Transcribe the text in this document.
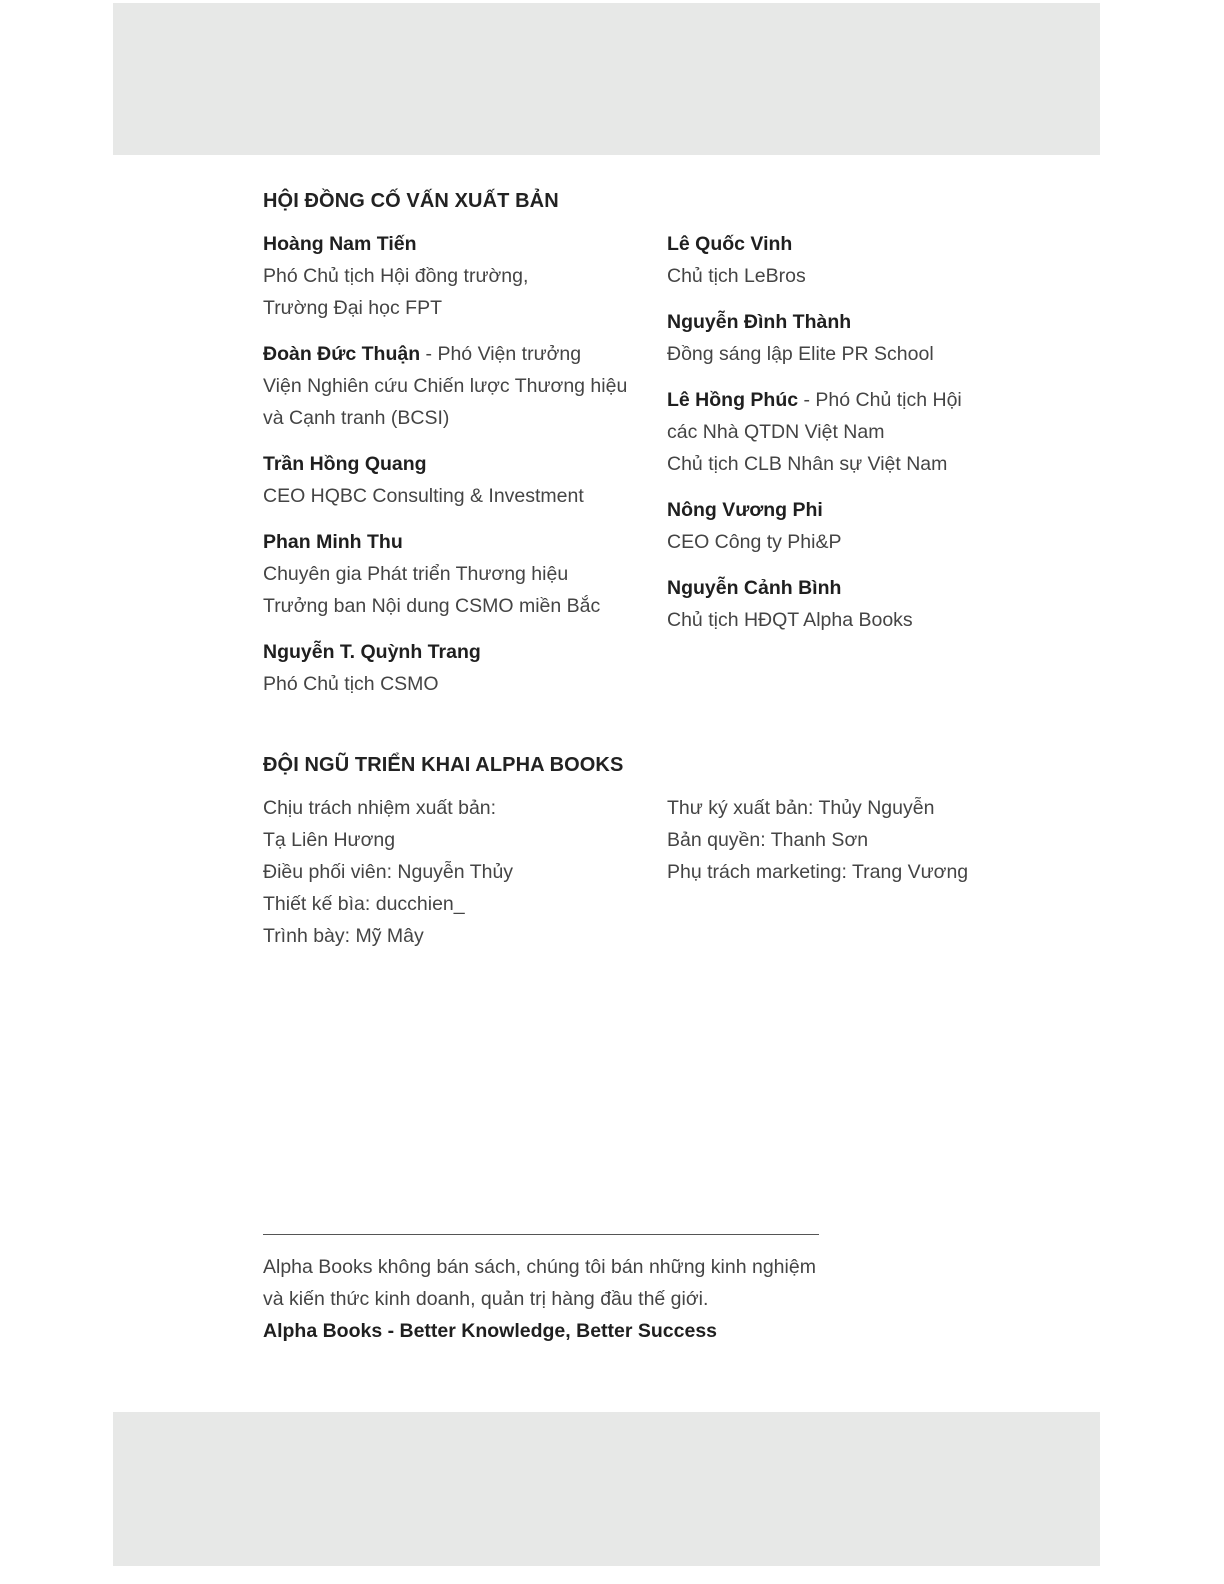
HỘI ĐỒNG CỐ VẤN XUẤT BẢN
Hoàng Nam Tiến
Phó Chủ tịch Hội đồng trường,
Trường Đại học FPT
Đoàn Đức Thuận - Phó Viện trưởng
Viện Nghiên cứu Chiến lược Thương hiệu
và Cạnh tranh (BCSI)
Trần Hồng Quang
CEO HQBC Consulting & Investment
Phan Minh Thu
Chuyên gia Phát triển Thương hiệu
Trưởng ban Nội dung CSMO miền Bắc
Nguyễn T. Quỳnh Trang
Phó Chủ tịch CSMO
Lê Quốc Vinh
Chủ tịch LeBros
Nguyễn Đình Thành
Đồng sáng lập Elite PR School
Lê Hồng Phúc - Phó Chủ tịch Hội
các Nhà QTDN Việt Nam
Chủ tịch CLB Nhân sự Việt Nam
Nông Vương Phi
CEO Công ty Phi&P
Nguyễn Cảnh Bình
Chủ tịch HĐQT Alpha Books
ĐỘI NGŨ TRIỂN KHAI ALPHA BOOKS
Chịu trách nhiệm xuất bản:
Tạ Liên Hương
Điều phối viên: Nguyễn Thủy
Thiết kế bìa: ducchien_
Trình bày: Mỹ Mây
Thư ký xuất bản: Thủy Nguyễn
Bản quyền: Thanh Sơn
Phụ trách marketing: Trang Vương
Alpha Books không bán sách, chúng tôi bán những kinh nghiệm
và kiến thức kinh doanh, quản trị hàng đầu thế giới.
Alpha Books - Better Knowledge, Better Success
